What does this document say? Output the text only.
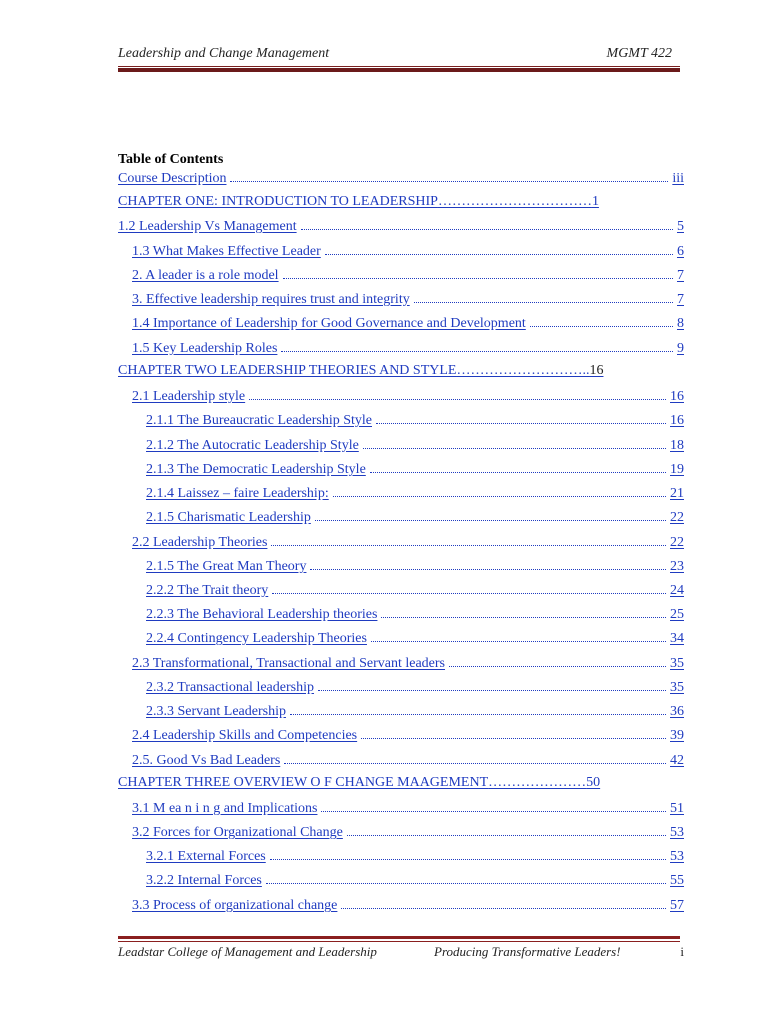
Leadership and Change Management	MGMT 422
Table of Contents
Course Description	iii
CHAPTER ONE: INTRODUCTION TO LEADERSHIP …………………………… 1
1.2 Leadership Vs Management	5
1.3 What Makes Effective Leader	6
2. A leader is a role model	7
3. Effective leadership requires trust and integrity	7
1.4 Importance of Leadership for Good Governance and Development	8
1.5 Key Leadership Roles	9
CHAPTER TWO LEADERSHIP THEORIES AND STYLE ……………………….. 16
2.1 Leadership style	16
2.1.1 The Bureaucratic Leadership Style	16
2.1.2 The Autocratic Leadership Style	18
2.1.3 The Democratic Leadership Style	19
2.1.4 Laissez – faire Leadership:	21
2.1.5 Charismatic Leadership	22
2.2 Leadership Theories	22
2.1.5 The Great Man Theory	23
2.2.2 The Trait theory	24
2.2.3 The Behavioral Leadership theories	25
2.2.4 Contingency Leadership Theories	34
2.3 Transformational, Transactional and Servant leaders	35
2.3.2 Transactional leadership	35
2.3.3 Servant Leadership	36
2.4 Leadership Skills and Competencies	39
2.5. Good Vs Bad Leaders	42
CHAPTER THREE OVERVIEW O F CHANGE MAAGEMENT ………………… 50
3.1 M ea n i n g and Implications	51
3.2 Forces for Organizational Change	53
3.2.1 External Forces	53
3.2.2 Internal Forces	55
3.3 Process of organizational change	57
Leadstar College of Management and Leadership	Producing Transformative Leaders!	i
